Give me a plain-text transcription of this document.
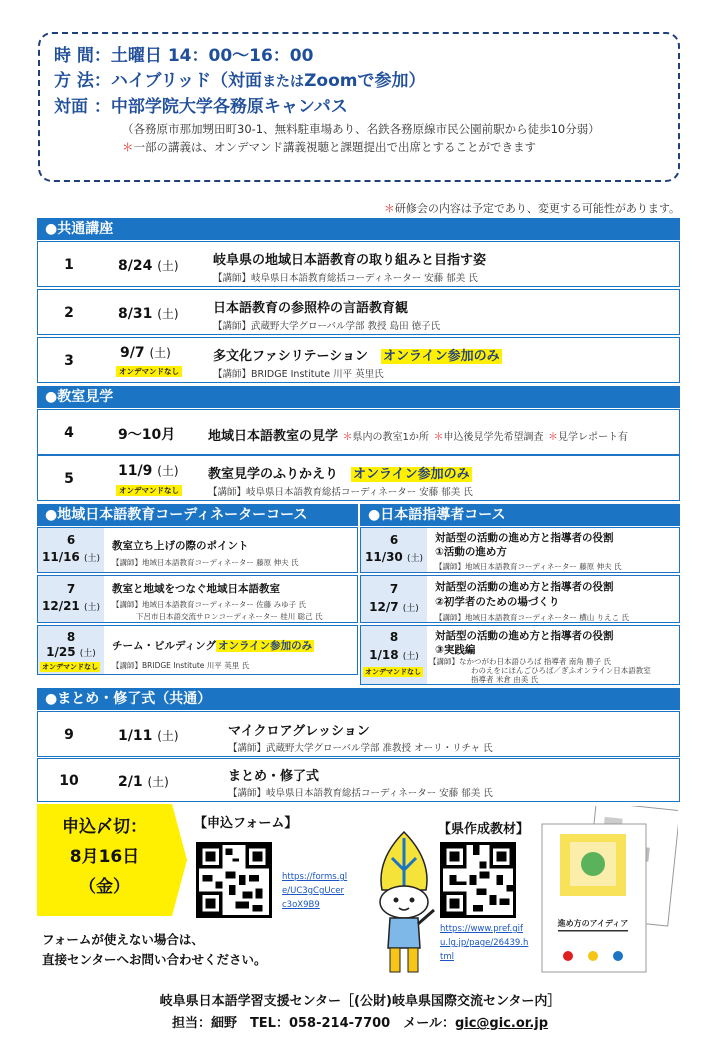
時 間：土曜日 14：00〜16：00
方 法：ハイブリッド（対面またはZoomで参加）
対面 ：中部学院大学各務原キャンパス
（各務原市那加甥田町30-1、無料駐車場あり、名鉄各務原線市民公園前駅から徒歩10分弱）
＊一部の講義は、オンデマンド講義視聴と課題提出で出席とすることができます
＊研修会の内容は予定であり、変更する可能性があります。
●共通講座
1	8/24 (土)	岐阜県の地域日本語教育の取り組みと目指す姿
【講師】岐阜県日本語教育総括コーディネーター 安藤 郁美 氏
2	8/31 (土)	日本語教育の参照枠の言語教育観
【講師】武蔵野大学グローバル学部 教授 島田 徳子氏
3	9/7 (土)
オンデマンドなし
多文化ファシリテーション　 オンライン参加のみ
【講師】BRIDGE Institute 川平 英里氏
●教室見学
4	9〜10月	地域日本語教室の見学 ＊県内の教室1か所 ＊申込後見学先希望調査 ＊見学レポート有
5	11/9 (土)
オンデマンドなし
教室見学のふりかえり　 オンライン参加のみ
【講師】岐阜県日本語教育総括コーディネーター 安藤 郁美 氏
●地域日本語教育コーディネーターコース	●日本語指導者コース
6
11/16 (土)
教室立ち上げの際のポイント
【講師】地域日本語教育コーディネーター 藤原 伸夫 氏
7
12/21 (土)
教室と地域をつなぐ地域日本語教室
【講師】地域日本語教育コーディネーター 佐藤 みゆ子 氏
下呂市日本語交流サロンコーディネーター 桂川 聡己 氏
8
1/25 (土)
オンデマンドなし
チーム・ビルディング オンライン参加のみ
【講師】BRIDGE Institute 川平 英里 氏
6
11/30 (土)
対話型の活動の進め方と指導者の役割
①活動の進め方
【講師】地域日本語教育コーディネーター 藤原 伸夫 氏
7
12/7 (土)
対話型の活動の進め方と指導者の役割
②初学者のための場づくり
【講師】地域日本語教育コーディネーター 横山 りえこ 氏
8
1/18 (土)
オンデマンドなし
対話型の活動の進め方と指導者の役割
③実践編
【講師】なかつがわ日本語ひろば 指導者 南角 勝子 氏
わのえをにほんごひろば／ぎふオンライン日本語教室
指導者 米倉 由美 氏
●まとめ・修了式（共通）
9	1/11 (土)	マイクロアグレッション
【講師】武蔵野大学グローバル学部 准教授 オーリ・リチャ 氏
10	2/1 (土)	まとめ・修了式
【講師】岐阜県日本語教育総括コーディネーター 安藤 郁美 氏
申込〆切：
8月16日
（金）
【申込フォーム】
https://forms.gl
e/UC3gCgUcer
c3oX9B9
フォームが使えない場合は、
直接センターへお問い合わせください。
【県作成教材】
https://www.pref.gif
u.lg.jp/page/26439.h
tml
進め方のアイディア
岐阜県日本語学習支援センター［(公財)岐阜県国際交流センター内］
担当：細野　TEL：058-214-7700　メール：gic@gic.or.jp
